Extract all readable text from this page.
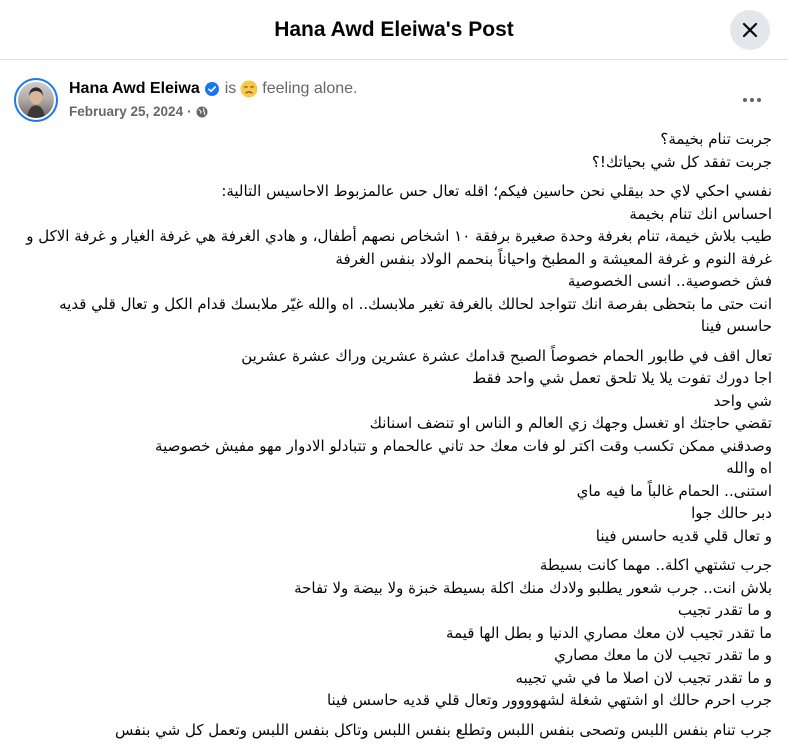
Hana Awd Eleiwa's Post
Hana Awd Eleiwa is feeling alone.
February 25, 2024 ·
جربت تنام بخيمة؟
جربت تفقد كل شي بحياتك!؟
نفسي احكي لاي حد بيقلي نحن حاسين فيكم؛ اقله تعال حس عالمزبوط الاحاسيس التالية:
احساس انك تنام بخيمة
طيب بلاش خيمة، تنام بغرفة وحدة صغيرة برفقة ١٠ اشخاص نصهم أطفال، و هادي الغرفة هي غرفة الغيار و غرفة الاكل و غرفة النوم و غرفة المعيشة و المطبخ واحياناً بنحمم الولاد بنفس الغرفة
فش خصوصية.. انسى الخصوصية
انت حتى ما بتحظى بفرصة انك تتواجد لحالك بالغرفة تغير ملابسك.. اه والله غيّر ملابسك قدام الكل و تعال قلي قديه حاسس فينا
تعال اقف في طابور الحمام خصوصاً الصبح قدامك عشرة عشرين وراك عشرة عشرين
اجا دورك تفوت يلا يلا تلحق تعمل شي واحد فقط
شي واحد
تقضي حاجتك او تغسل وجهك زي العالم و الناس او تنضف اسنانك
وصدقني ممكن تكسب وقت اكتر لو فات معك حد تاني عالحمام و تتبادلو الادوار مهو مفيش خصوصية
اه والله
استنى.. الحمام غالباً ما فيه ماي
دبر حالك جوا
و تعال قلي قديه حاسس فينا
جرب تشتهي اكلة.. مهما كانت بسيطة
بلاش انت.. جرب شعور يطلبو ولادك منك اكلة بسيطة خبزة ولا بيضة ولا تفاحة
و ما تقدر تجيب
ما تقدر تجيب لان معك مصاري الدنيا و بطل الها قيمة
و ما تقدر تجيب لان ما معك مصاري
و ما تقدر تجيب لان اصلا ما في شي تجيبه
جرب احرم حالك او اشتهي شغلة لشهوووور وتعال قلي قديه حاسس فينا
جرب تنام بنفس اللبس وتصحى بنفس اللبس وتطلع بنفس اللبس وتاكل بنفس اللبس وتعمل كل شي بنفس
